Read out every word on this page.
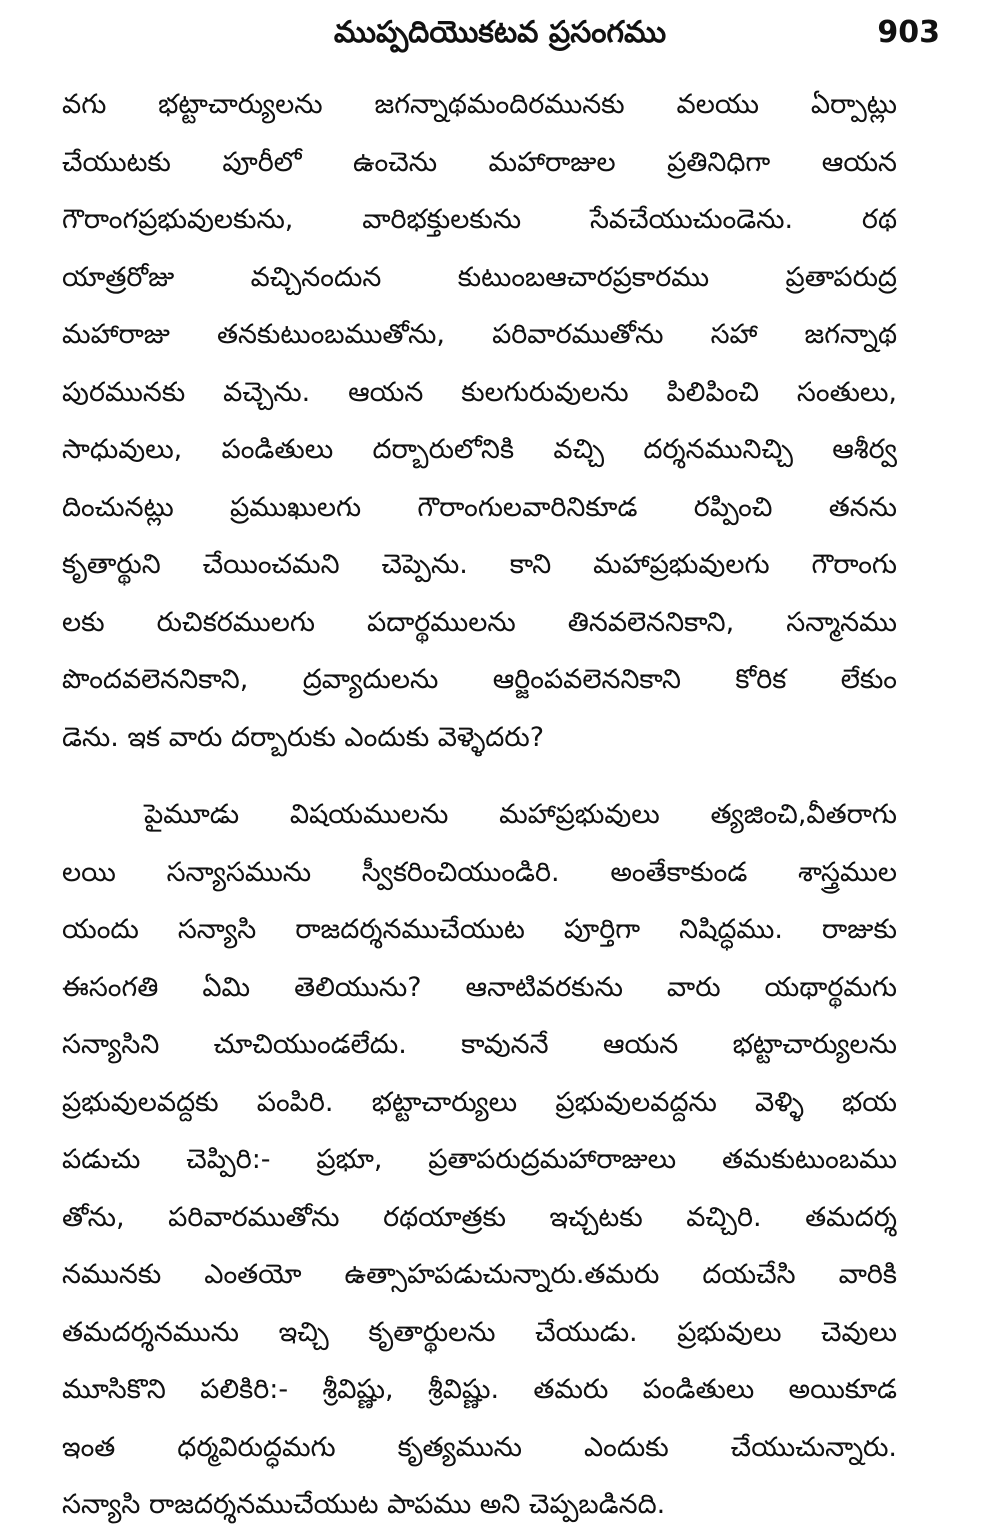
ముప్పదియొకటవ ప్రసంగము	903
వగు భట్టాచార్యులను జగన్నాథమందిరమునకు వలయు ఏర్పాట్లు
చేయుటకు పూరీలో ఉంచెను మహారాజుల ప్రతినిధిగా ఆయన
గౌరాంగప్రభువులకును, వారిభక్తులకును సేవచేయుచుండెను. రథ
యాత్రరోజు వచ్చినందున కుటుంబఆచారప్రకారము ప్రతాపరుద్ర
మహారాజు తనకుటుంబముతోను, పరివారముతోను సహా జగన్నాథ
పురమునకు వచ్చెను. ఆయన కులగురువులను పిలిపించి సంతులు,
సాధువులు, పండితులు దర్బారులోనికి వచ్చి దర్శనమునిచ్చి ఆశీర్వ
దించునట్లు ప్రముఖులగు గౌరాంగులవారినికూడ రప్పించి తనను
కృతార్థుని చేయించమని చెప్పెను. కాని మహాప్రభువులగు గౌరాంగు
లకు రుచికరములగు పదార్థములను తినవలెననికాని, సన్మానము
పొందవలెననికాని, ద్రవ్యాదులను ఆర్జింపవలెననికాని కోరిక లేకుం
డెను. ఇక వారు దర్బారుకు ఎందుకు వెళ్ళెదరు?
పైమూడు విషయములను మహాప్రభువులు త్యజించి,వీతరాగు
లయి సన్యాసమును స్వీకరించియుండిరి. అంతేకాకుండ శాస్త్రముల
యందు సన్యాసి రాజదర్శనముచేయుట పూర్తిగా నిషిద్ధము. రాజుకు
ఈసంగతి ఏమి తెలియును? ఆనాటివరకును వారు యథార్థమగు
సన్యాసిని చూచియుండలేదు. కావుననే ఆయన భట్టాచార్యులను
ప్రభువులవద్దకు పంపిరి. భట్టాచార్యులు ప్రభువులవద్దను వెళ్ళి భయ
పడుచు చెప్పిరి:- ప్రభూ, ప్రతాపరుద్రమహారాజులు తమకుటుంబము
తోను, పరివారముతోను రథయాత్రకు ఇచ్చటకు వచ్చిరి. తమదర్శ
నమునకు ఎంతయో ఉత్సాహపడుచున్నారు.తమరు దయచేసి వారికి
తమదర్శనమును ఇచ్చి కృతార్థులను చేయుడు. ప్రభువులు చెవులు
మూసికొని పలికిరి:- శ్రీవిష్ణు, శ్రీవిష్ణు. తమరు పండితులు అయికూడ
ఇంత ధర్మవిరుద్ధమగు కృత్యమును ఎందుకు చేయుచున్నారు.
సన్యాసి రాజదర్శనముచేయుట పాపము అని చెప్పబడినది.
